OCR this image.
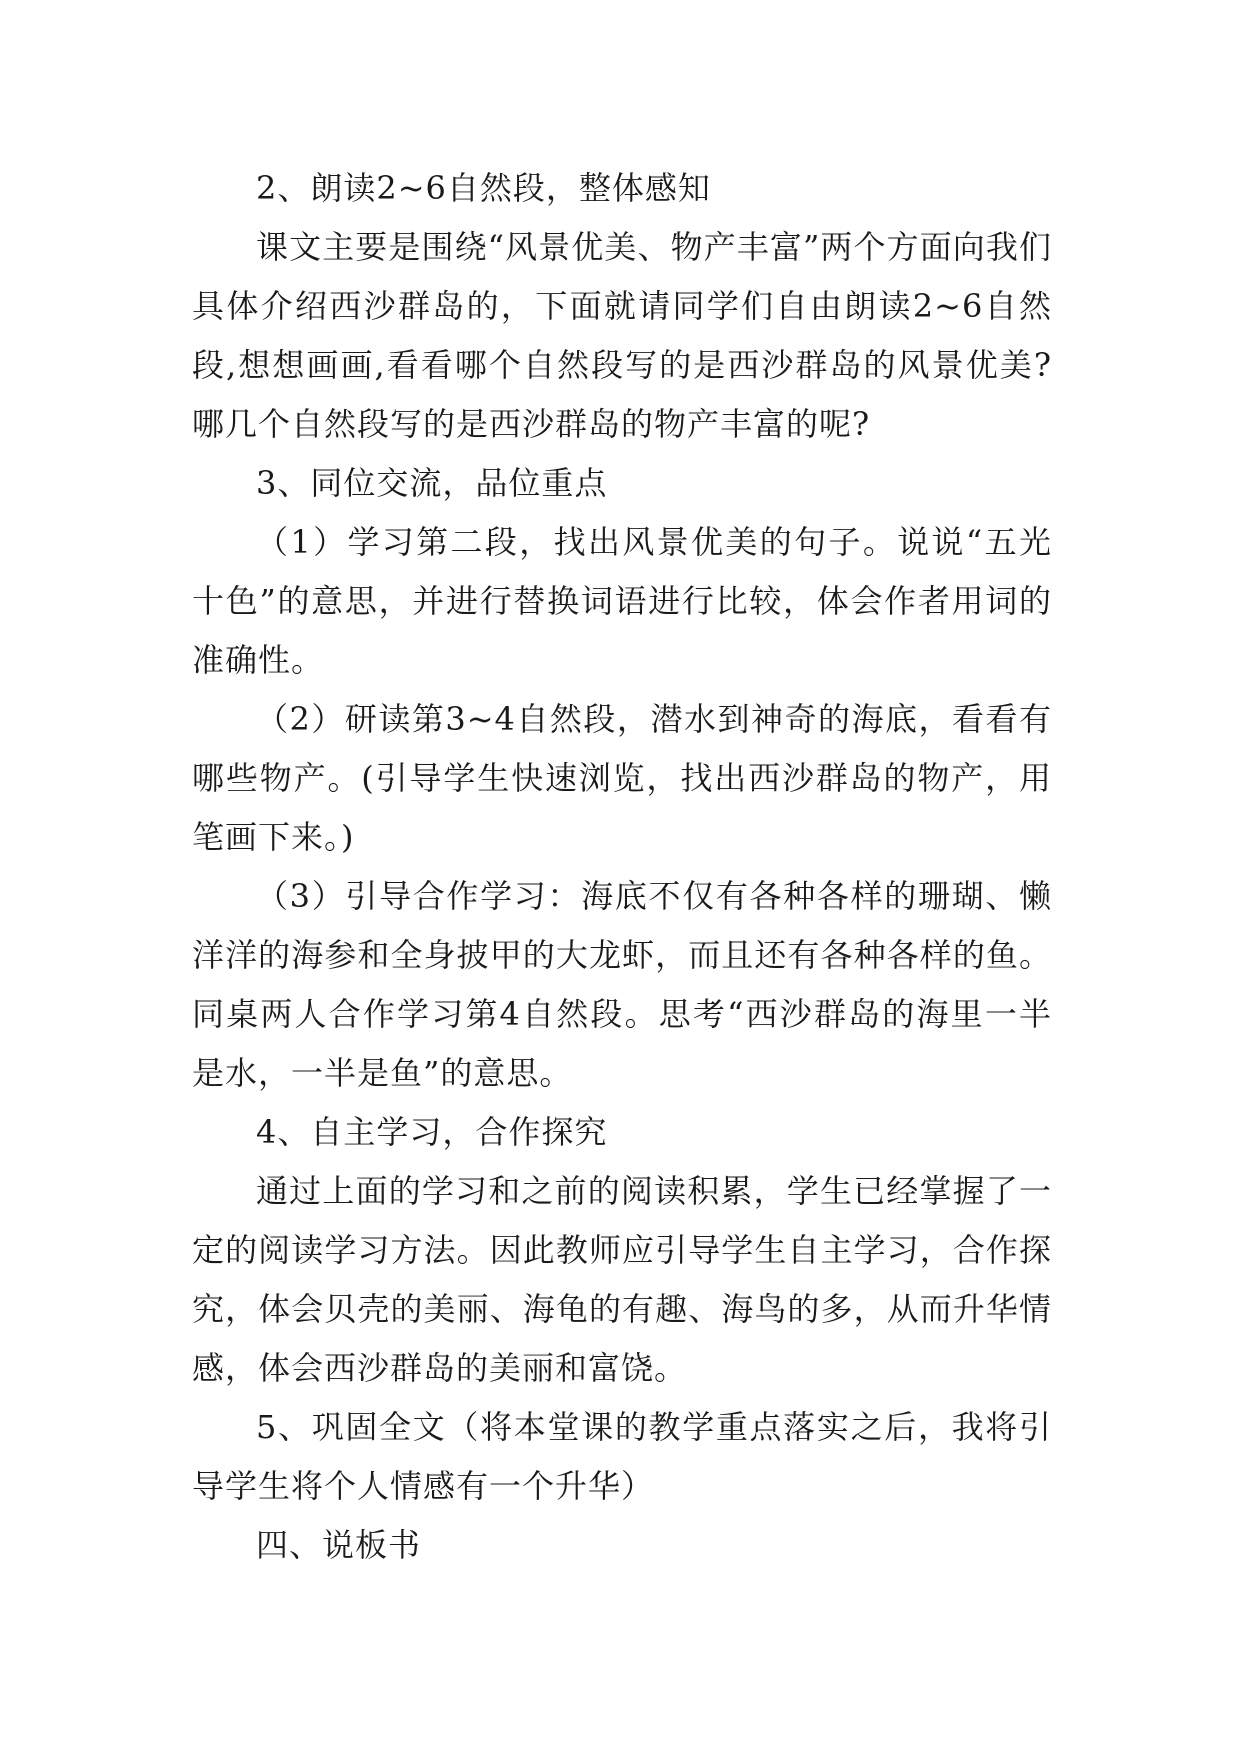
2、朗读2~6自然段，整体感知

课文主要是围绕“风景优美、物产丰富”两个方面向我们具体介绍西沙群岛的，下面就请同学们自由朗读2~6自然段,想想画画,看看哪个自然段写的是西沙群岛的风景优美?哪几个自然段写的是西沙群岛的物产丰富的呢?

3、同位交流，品位重点

（1）学习第二段，找出风景优美的句子。说说“五光十色”的意思，并进行替换词语进行比较，体会作者用词的准确性。

（2）研读第3~4自然段，潜水到神奇的海底，看看有哪些物产。(引导学生快速浏览，找出西沙群岛的物产，用笔画下来。)

（3）引导合作学习：海底不仅有各种各样的珊瑚、懒洋洋的海参和全身披甲的大龙虾，而且还有各种各样的鱼。同桌两人合作学习第4自然段。思考“西沙群岛的海里一半是水，一半是鱼”的意思。

4、自主学习，合作探究

通过上面的学习和之前的阅读积累，学生已经掌握了一定的阅读学习方法。因此教师应引导学生自主学习，合作探究，体会贝壳的美丽、海龟的有趣、海鸟的多，从而升华情感，体会西沙群岛的美丽和富饶。

5、巩固全文（将本堂课的教学重点落实之后，我将引导学生将个人情感有一个升华）

四、说板书
